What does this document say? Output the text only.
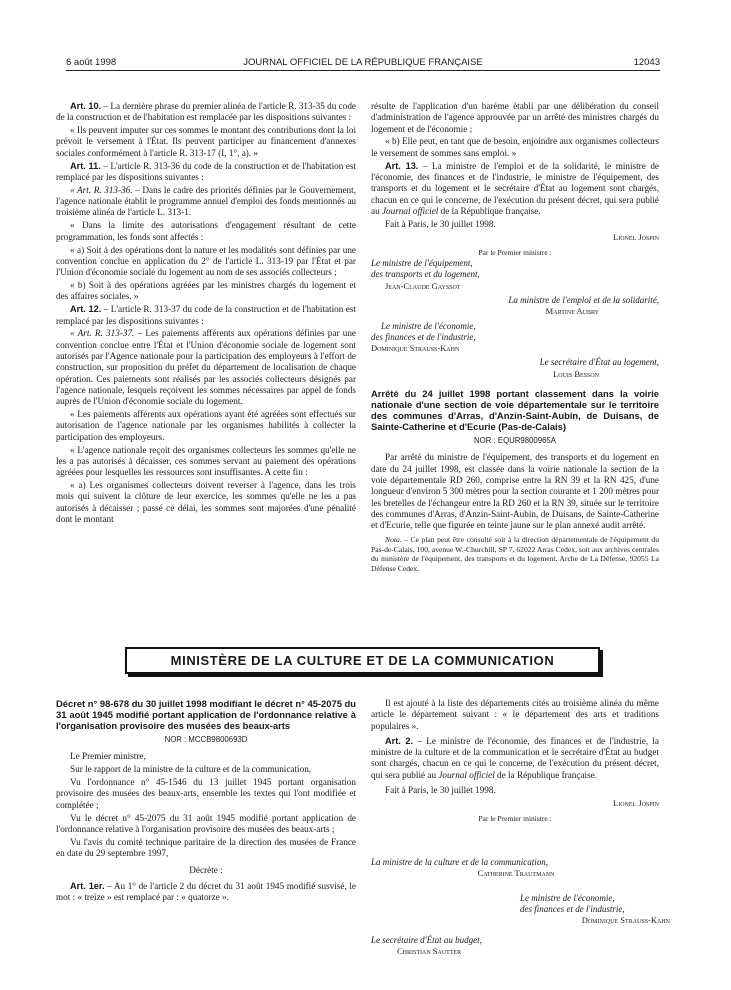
6 août 1998	JOURNAL OFFICIEL DE LA RÉPUBLIQUE FRANÇAISE	12043

Art. 10. – La dernière phrase du premier alinéa de l'article R. 313-35 du code de la construction et de l'habitation est remplacée par les dispositions suivantes :

« Ils peuvent imputer sur ces sommes le montant des contributions dont la loi prévoit le versement à l'État. Ils peuvent participer au financement d'annexes sociales conformément à l'article R. 313-17 (I, 1°, a). »

Art. 11. – L'article R. 313-36 du code de la construction et de l'habitation est remplacé par les dispositions suivantes :

« Art. R. 313-36. – Dans le cadre des priorités définies par le Gouvernement, l'agence nationale établit le programme annuel d'emploi des fonds mentionnés au troisième alinéa de l'article L. 313-1.

« Dans la limite des autorisations d'engagement résultant de cette programmation, les fonds sont affectés :

« a) Soit à des opérations dont la nature et les modalités sont définies par une convention conclue en application du 2° de l'article L. 313-19 par l'État et par l'Union d'économie sociale du logement au nom de ses associés collecteurs ;

« b) Soit à des opérations agréées par les ministres chargés du logement et des affaires sociales. »

Art. 12. – L'article R. 313-37 du code de la construction et de l'habitation est remplacé par les dispositions suivantes :

« Art. R. 313-37. – Les paiements afférents aux opérations définies par une convention conclue entre l'État et l'Union d'économie sociale de logement sont autorisés par l'Agence nationale pour la participation des employeurs à l'effort de construction, sur proposition du préfet du département de localisation de chaque opération. Ces paiements sont réalisés par les associés collecteurs désignés par l'agence nationale, lesquels reçoivent les sommes nécessaires par appel de fonds auprès de l'Union d'économie sociale du logement.

« Les paiements afférents aux opérations ayant été agréées sont effectués sur autorisation de l'agence nationale par les organismes habilités à collecter la participation des employeurs.

« L'agence nationale reçoit des organismes collecteurs les sommes qu'elle ne les a pas autorisés à décaisser, ces sommes servant au paiement des opérations agréées pour lesquelles les ressources sont insuffisantes. A cette fin :

« a) Les organismes collecteurs doivent reverser à l'agence, dans les trois mois qui suivent la clôture de leur exercice, les sommes qu'elle ne les a pas autorisés à décaisser ; passé ce délai, les sommes sont majorées d'une pénalité dont le montant

résulte de l'application d'un barème établi par une délibération du conseil d'administration de l'agence approuvée par un arrêté des ministres chargés du logement et de l'économie ;

« b) Elle peut, en tant que de besoin, enjoindre aux organismes collecteurs le versement de sommes sans emploi. »

Art. 13. – La ministre de l'emploi et de la solidarité, le ministre de l'économie, des finances et de l'industrie, le ministre de l'équipement, des transports et du logement et le secrétaire d'État au logement sont chargés, chacun en ce qui le concerne, de l'exécution du présent décret, qui sera publié au Journal officiel de la République française.

Fait à Paris, le 30 juillet 1998.

Lionel Jospin
Par le Premier ministre :
Le ministre de l'équipement,
des transports et du logement,
Jean-Claude Gayssot
La ministre de l'emploi et de la solidarité,
Martine Aubry
Le ministre de l'économie,
des finances et de l'industrie,
Dominique Strauss-Kahn
Le secrétaire d'État au logement,
Louis Besson

Arrêté du 24 juillet 1998 portant classement dans la voirie nationale d'une section de voie départementale sur le territoire des communes d'Arras, d'Anzin-Saint-Aubin, de Duisans, de Sainte-Catherine et d'Ecurie (Pas-de-Calais)

NOR : EQUR9800965A

Par arrêté du ministre de l'équipement, des transports et du logement en date du 24 juillet 1998, est classée dans la voirie nationale la section de la voie départementale RD 260, comprise entre la RN 39 et la RN 425, d'une longueur d'environ 5 300 mètres pour la section courante et 1 200 mètres pour les bretelles de l'échangeur entre la RD 260 et la RN 39, située sur le territoire des communes d'Arras, d'Anzin-Saint-Aubin, de Duisans, de Sainte-Catherine et d'Ecurie, telle que figurée en teinte jaune sur le plan annexé audit arrêté.

Nota. – Ce plan peut être consulté soit à la direction départementale de l'équipement du Pas-de-Calais, 100, avenue W.-Churchill, SP 7, 62022 Arras Cedex, soit aux archives centrales du ministère de l'équipement, des transports et du logement, Arche de La Défense, 92055 La Défense Cedex.

MINISTÈRE DE LA CULTURE ET DE LA COMMUNICATION

Décret n° 98-678 du 30 juillet 1998 modifiant le décret n° 45-2075 du 31 août 1945 modifié portant application de l'ordonnance relative à l'organisation provisoire des musées des beaux-arts

NOR : MCCB9800693D

Le Premier ministre,

Sur le rapport de la ministre de la culture et de la communication,

Vu l'ordonnance n° 45-1546 du 13 juillet 1945 portant organisation provisoire des musées des beaux-arts, ensemble les textes qui l'ont modifiée et complétée ;

Vu le décret n° 45-2075 du 31 août 1945 modifié portant application de l'ordonnance relative à l'organisation provisoire des musées des beaux-arts ;

Vu l'avis du comité technique paritaire de la direction des musées de France en date du 29 septembre 1997,

Décrète :

Art. 1er. – Au 1° de l'article 2 du décret du 31 août 1945 modifié susvisé, le mot : « treize » est remplacé par : « quatorze ».

Il est ajouté à la liste des départements cités au troisième alinéa du même article le département suivant : « le département des arts et traditions populaires ».

Art. 2. – Le ministre de l'économie, des finances et de l'industrie, la ministre de la culture et de la communication et le secrétaire d'État au budget sont chargés, chacun en ce qui le concerne, de l'exécution du présent décret, qui sera publié au Journal officiel de la République française.

Fait à Paris, le 30 juillet 1998.

Lionel Jospin
Par le Premier ministre :
La ministre de la culture et de la communication,
Catherine Trautmann
Le ministre de l'économie,
des finances et de l'industrie,
Dominique Strauss-Kahn
Le secrétaire d'État au budget,
Christian Sautter
